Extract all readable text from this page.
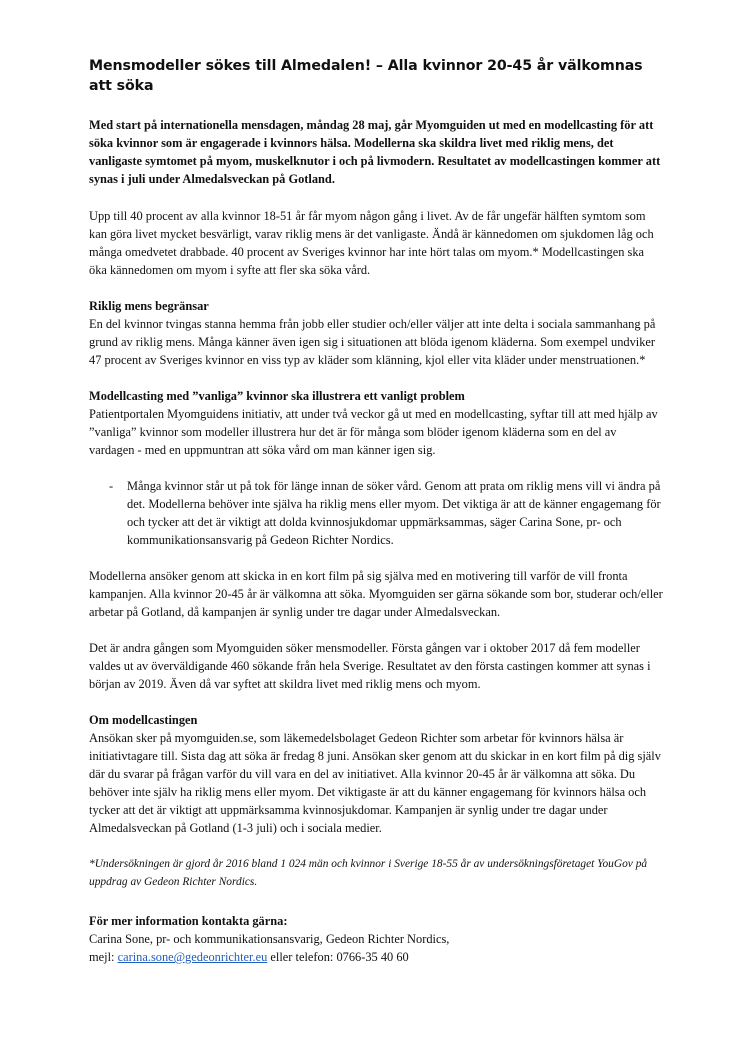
Mensmodeller sökes till Almedalen! – Alla kvinnor 20-45 år välkomnas att söka

Med start på internationella mensdagen, måndag 28 maj, går Myomguiden ut med en modellcasting för att söka kvinnor som är engagerade i kvinnors hälsa. Modellerna ska skildra livet med riklig mens, det vanligaste symtomet på myom, muskelknutor i och på livmodern. Resultatet av modellcastingen kommer att synas i juli under Almedalsveckan på Gotland.

Upp till 40 procent av alla kvinnor 18-51 år får myom någon gång i livet. Av de får ungefär hälften symtom som kan göra livet mycket besvärligt, varav riklig mens är det vanligaste. Ändå är kännedomen om sjukdomen låg och många omedvetet drabbade. 40 procent av Sveriges kvinnor har inte hört talas om myom.* Modellcastingen ska öka kännedomen om myom i syfte att fler ska söka vård.

Riklig mens begränsar
En del kvinnor tvingas stanna hemma från jobb eller studier och/eller väljer att inte delta i sociala sammanhang på grund av riklig mens. Många känner även igen sig i situationen att blöda igenom kläderna. Som exempel undviker 47 procent av Sveriges kvinnor en viss typ av kläder som klänning, kjol eller vita kläder under menstruationen.*
Modellcasting med ”vanliga” kvinnor ska illustrera ett vanligt problem
Patientportalen Myomguidens initiativ, att under två veckor gå ut med en modellcasting, syftar till att med hjälp av ”vanliga” kvinnor som modeller illustrera hur det är för många som blöder igenom kläderna som en del av vardagen - med en uppmuntran att söka vård om man känner igen sig.
-	Många kvinnor står ut på tok för länge innan de söker vård. Genom att prata om riklig mens vill vi ändra på det. Modellerna behöver inte själva ha riklig mens eller myom. Det viktiga är att de känner engagemang för och tycker att det är viktigt att dolda kvinnosjukdomar uppmärksammas, säger Carina Sone, pr- och kommunikationsansvarig på Gedeon Richter Nordics.

Modellerna ansöker genom att skicka in en kort film på sig själva med en motivering till varför de vill fronta kampanjen. Alla kvinnor 20-45 år är välkomna att söka. Myomguiden ser gärna sökande som bor, studerar och/eller arbetar på Gotland, då kampanjen är synlig under tre dagar under Almedalsveckan.

Det är andra gången som Myomguiden söker mensmodeller. Första gången var i oktober 2017 då fem modeller valdes ut av överväldigande 460 sökande från hela Sverige. Resultatet av den första castingen kommer att synas i början av 2019. Även då var syftet att skildra livet med riklig mens och myom.

Om modellcastingen
Ansökan sker på myomguiden.se, som läkemedelsbolaget Gedeon Richter som arbetar för kvinnors hälsa är initiativtagare till. Sista dag att söka är fredag 8 juni. Ansökan sker genom att du skickar in en kort film på dig själv där du svarar på frågan varför du vill vara en del av initiativet. Alla kvinnor 20-45 år är välkomna att söka. Du behöver inte själv ha riklig mens eller myom. Det viktigaste är att du känner engagemang för kvinnors hälsa och tycker att det är viktigt att uppmärksamma kvinnosjukdomar. Kampanjen är synlig under tre dagar under Almedalsveckan på Gotland (1-3 juli) och i sociala medier.
*Undersökningen är gjord år 2016 bland 1 024 män och kvinnor i Sverige 18-55 år av undersökningsföretaget YouGov på uppdrag av Gedeon Richter Nordics.
För mer information kontakta gärna:
Carina Sone, pr- och kommunikationsansvarig, Gedeon Richter Nordics,
mejl: carina.sone@gedeonrichter.eu eller telefon: 0766-35 40 60
